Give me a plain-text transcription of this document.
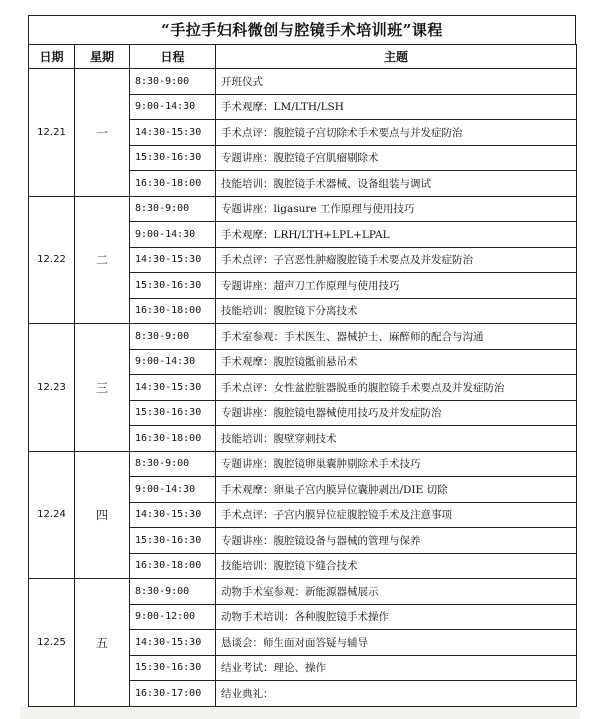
“手拉手妇科微创与腔镜手术培训班”课程
日期	星期	日程	主题
12.21	一	8:30-9:00	开班仪式
		9:00-14:30	手术观摩：LM/LTH/LSH
		14:30-15:30	手术点评：腹腔镜子宫切除术手术要点与并发症防治
		15:30-16:30	专题讲座：腹腔镜子宫肌瘤剔除术
		16:30-18:00	技能培训：腹腔镜手术器械、设备组装与调试
12.22	二	8:30-9:00	专题讲座：ligasure 工作原理与使用技巧
		9:00-14:30	手术观摩：LRH/LTH+LPL+LPAL
		14:30-15:30	手术点评：子宫恶性肿瘤腹腔镜手术要点及并发症防治
		15:30-16:30	专题讲座：超声刀工作原理与使用技巧
		16:30-18:00	技能培训：腹腔镜下分离技术
12.23	三	8:30-9:00	手术室参观：手术医生、器械护士、麻醉师的配合与沟通
		9:00-14:30	手术观摩：腹腔镜骶前悬吊术
		14:30-15:30	手术点评：女性盆腔脏器脱垂的腹腔镜手术要点及并发症防治
		15:30-16:30	专题讲座：腹腔镜电器械使用技巧及并发症防治
		16:30-18:00	技能培训：腹壁穿刺技术
12.24	四	8:30-9:00	专题讲座：腹腔镜卵巢囊肿剔除术手术技巧
		9:00-14:30	手术观摩：卵巢子宫内膜异位囊肿剥出/DIE 切除
		14:30-15:30	手术点评：子宫内膜异位症腹腔镜手术及注意事项
		15:30-16:30	专题讲座：腹腔镜设备与器械的管理与保养
		16:30-18:00	技能培训：腹腔镜下缝合技术
12.25	五	8:30-9:00	动物手术室参观：新能源器械展示
		9:00-12:00	动物手术培训：各种腹腔镜手术操作
		14:30-15:30	恳谈会：师生面对面答疑与辅导
		15:30-16:30	结业考试：理论、操作
		16:30-17:00	结业典礼：
